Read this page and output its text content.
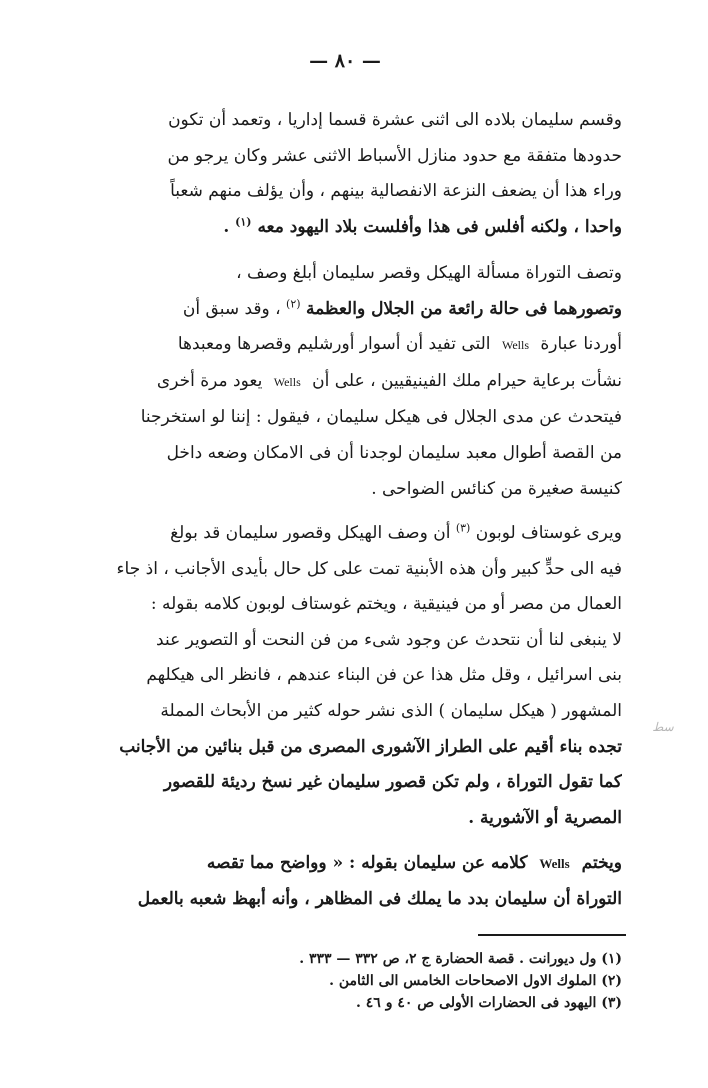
— ٨٠ —
وقسم سليمان بلاده الى اثنى عشرة قسما إداريا ، وتعمد أن تكون
حدودها متفقة مع حدود منازل الأسباط الاثنى عشر وكان يرجو من
وراء هذا أن يضعف النزعة الانفصالية بينهم ، وأن يؤلف منهم شعباً
واحدا ، ولكنه أفلس فى هذا وأفلست بلاد اليهود معه $^{(١)}$ .
وتصف التوراة مسألة الهيكل وقصر سليمان أبلغ وصف ،
وتصورهما فى حالة رائعة من الجلال والعظمة $^{(٢)}$ ، وقد سبق أن
أوردنا عبارة Wells التى تفيد أن أسوار أورشليم وقصرها ومعبدها
نشأت برعاية حيرام ملك الفينيقيين ، على أن Wells يعود مرة أخرى
فيتحدث عن مدى الجلال فى هيكل سليمان ، فيقول : إننا لو استخرجنا
من القصة أطوال معبد سليمان لوجدنا أن فى الامكان وضعه داخل
كنيسة صغيرة من كنائس الضواحى .
ويرى غوستاف لوبون $^{(٣)}$ أن وصف الهيكل وقصور سليمان قد بولغ
فيه الى حدٍّ كبير وأن هذه الأبنية تمت على كل حال بأيدى الأجانب ، اذ جاء
العمال من مصر أو من فينيقية ، ويختم غوستاف لوبون كلامه بقوله :
لا ينبغى لنا أن نتحدث عن وجود شىء من فن النحت أو التصوير عند
بنى اسرائيل ، وقل مثل هذا عن فن البناء عندهم ، فانظر الى هيكلهم
المشهور ( هيكل سليمان ) الذى نشر حوله كثير من الأبحاث المملة
تجده بناء أقيم على الطراز الآشورى المصرى من قبل بنائين من الأجانب
كما تقول التوراة ، ولم تكن قصور سليمان غير نسخ رديئة للقصور
المصرية أو الآشورية .
ويختم Wells كلامه عن سليمان بقوله : « وواضح مما تقصه
التوراة أن سليمان بدد ما يملك فى المظاهر ، وأنه أبهظ شعبه بالعمل
سط
(١) ول ديورانت . قصة الحضارة ج ٢، ص ٣٣٢ — ٣٣٣ .
(٢) الملوك الاول الاصحاحات الخامس الى الثامن .
(٣) اليهود فى الحضارات الأولى ص ٤٠ و ٤٦ .
